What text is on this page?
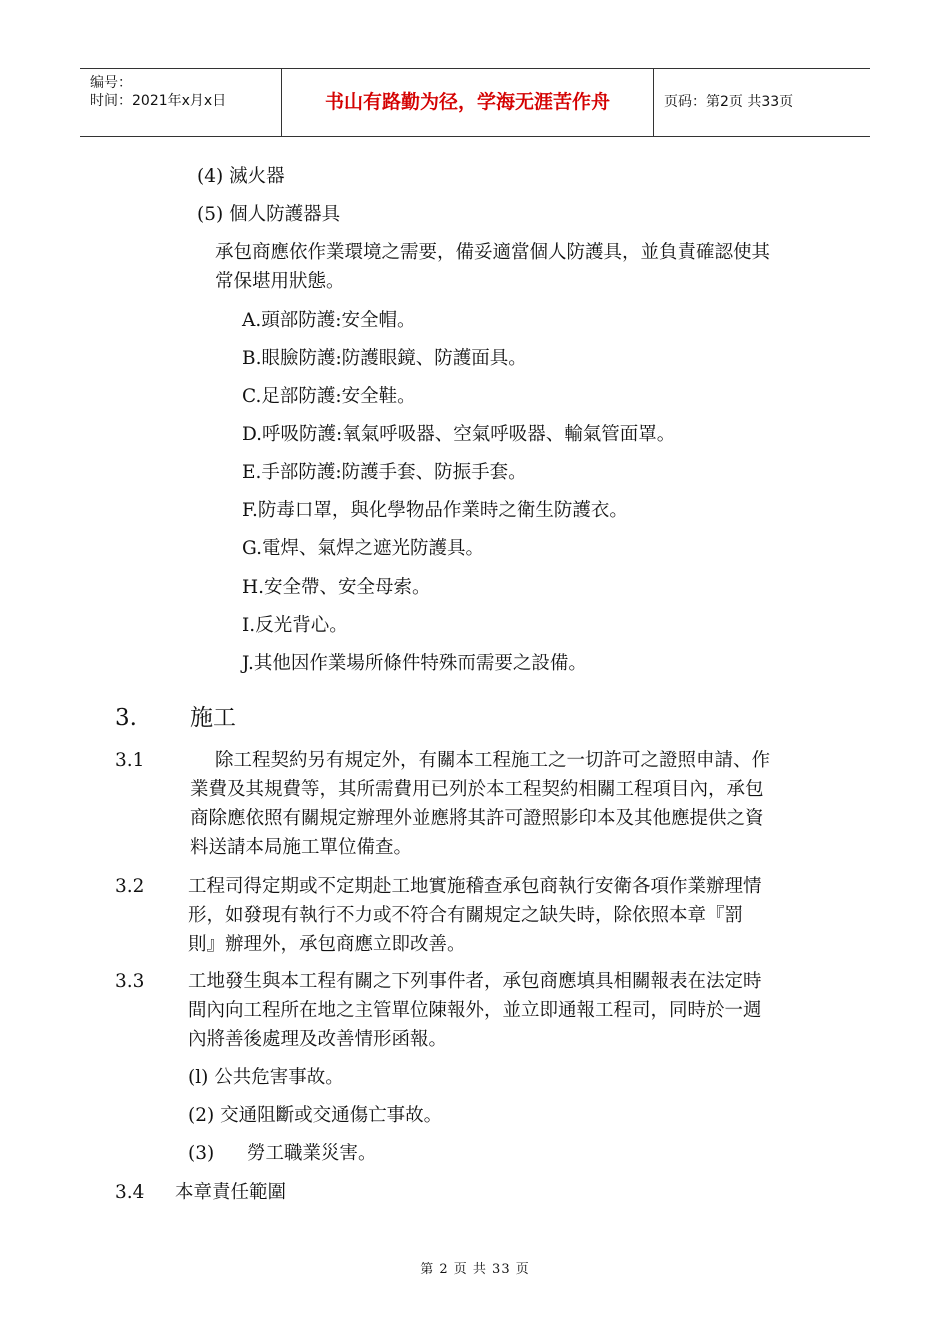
编号：
时间：2021年x月x日	书山有路勤为径，学海无涯苦作舟	页码：第2页 共33页
(4) 滅火器
(5) 個人防護器具
承包商應依作業環境之需要，備妥適當個人防護具，並負責確認使其
常保堪用狀態。
A.頭部防護:安全帽。
B.眼臉防護:防護眼鏡、防護面具。
C.足部防護:安全鞋。
D.呼吸防護:氧氣呼吸器、空氣呼吸器、輸氣管面罩。
E.手部防護:防護手套、防振手套。
F.防毒口罩，與化學物品作業時之衛生防護衣。
G.電焊、氣焊之遮光防護具。
H.安全帶、安全母索。
I.反光背心。
J.其他因作業場所條件特殊而需要之設備。
3. 施工
3.1	除工程契約另有規定外，有關本工程施工之一切許可之證照申請、作
業費及其規費等，其所需費用已列於本工程契約相關工程項目內，承包
商除應依照有關規定辦理外並應將其許可證照影印本及其他應提供之資
料送請本局施工單位備查。
3.2 工程司得定期或不定期赴工地實施稽查承包商執行安衛各項作業辦理情
形，如發現有執行不力或不符合有關規定之缺失時，除依照本章『罰
則』辦理外，承包商應立即改善。
3.3 工地發生與本工程有關之下列事件者，承包商應填具相關報表在法定時
間內向工程所在地之主管單位陳報外，並立即通報工程司，同時於一週
內將善後處理及改善情形函報。
(l) 公共危害事故。
(2) 交通阻斷或交通傷亡事故。
(3) 勞工職業災害。
3.4 本章責任範圍
第 2 页 共 33 页
